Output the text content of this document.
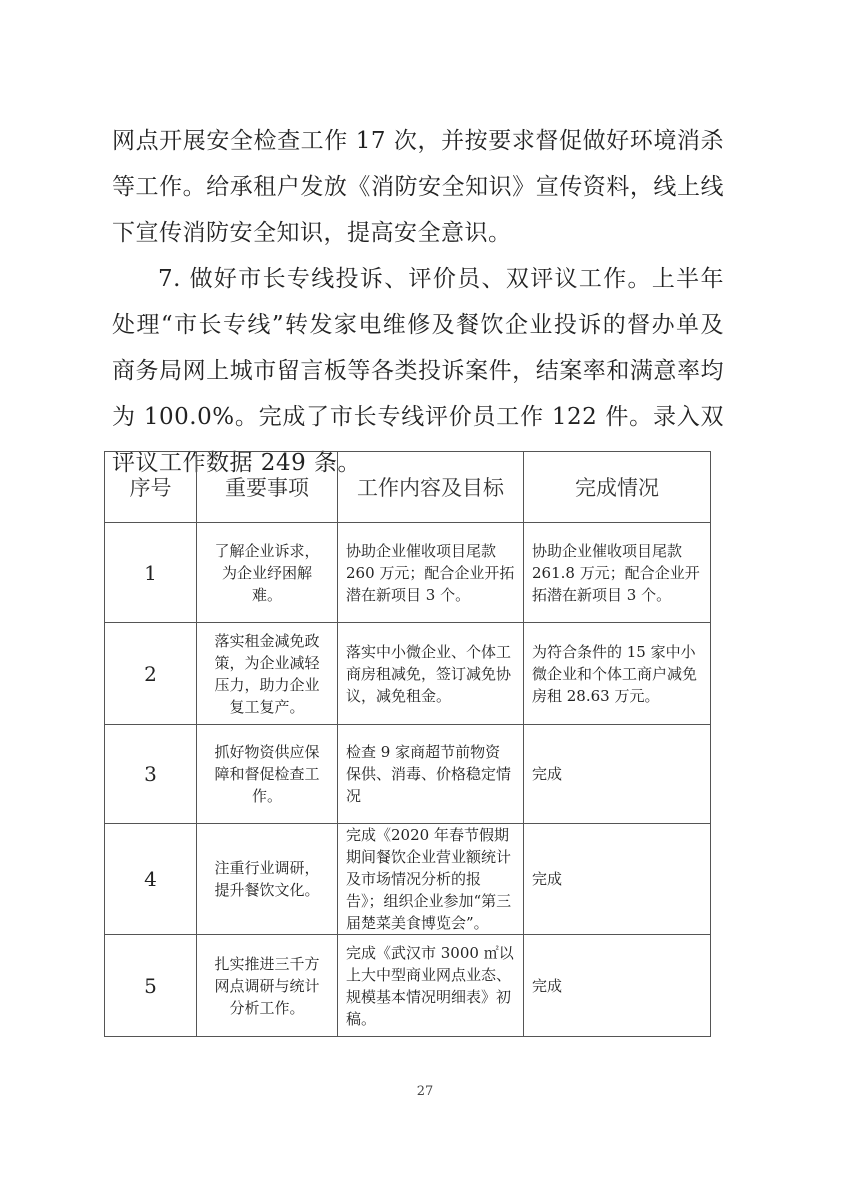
网点开展安全检查工作 17 次，并按要求督促做好环境消杀等工作。给承租户发放《消防安全知识》宣传资料，线上线下宣传消防安全知识，提高安全意识。

7. 做好市长专线投诉、评价员、双评议工作。上半年处理“市长专线”转发家电维修及餐饮企业投诉的督办单及商务局网上城市留言板等各类投诉案件，结案率和满意率均为 100.0%。完成了市长专线评价员工作 122 件。录入双评议工作数据 249 条。

序号	重要事项	工作内容及目标	完成情况
1	了解企业诉求，为企业纾困解难。	协助企业催收项目尾款 260 万元；配合企业开拓潜在新项目 3 个。	协助企业催收项目尾款 261.8 万元；配合企业开拓潜在新项目 3 个。
2	落实租金减免政策，为企业减轻压力，助力企业复工复产。	落实中小微企业、个体工商房租减免，签订减免协议，减免租金。	为符合条件的 15 家中小微企业和个体工商户减免房租 28.63 万元。
3	抓好物资供应保障和督促检查工作。	检查 9 家商超节前物资保供、消毒、价格稳定情况	完成
4	注重行业调研，提升餐饮文化。	完成《2020 年春节假期期间餐饮企业营业额统计及市场情况分析的报告》；组织企业参加“第三届楚菜美食博览会”。	完成
5	扎实推进三千方网点调研与统计分析工作。	完成《武汉市 3000 ㎡以上大中型商业网点业态、规模基本情况明细表》初稿。	完成
27
